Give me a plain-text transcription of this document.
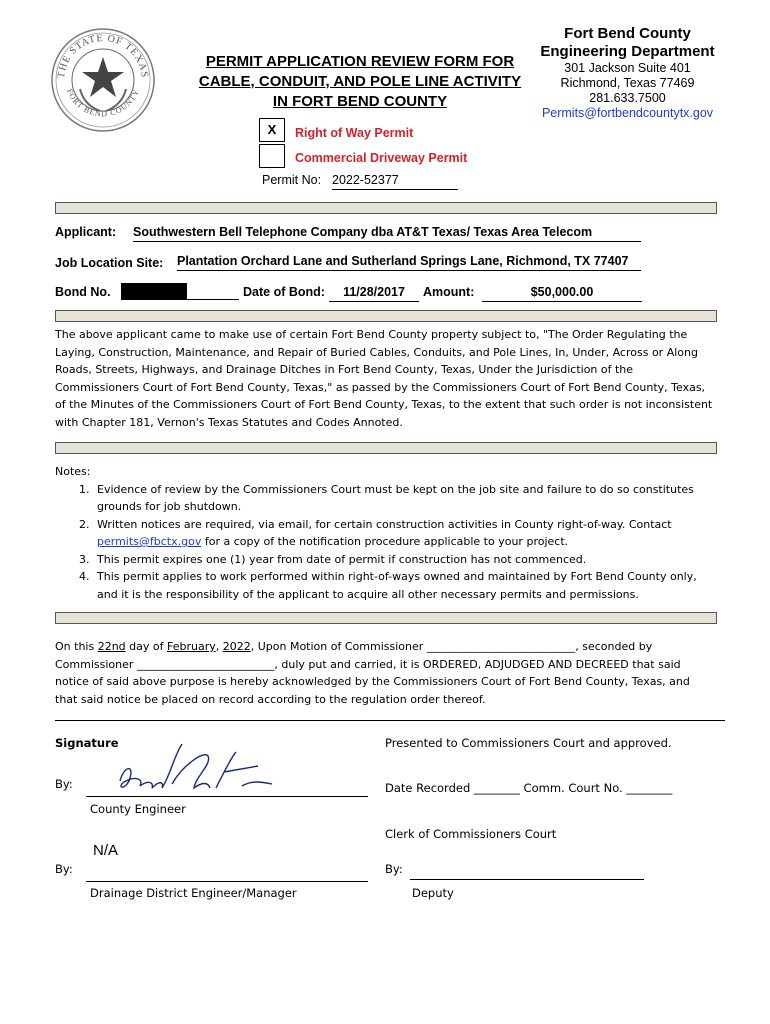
THE STATE OF TEXAS
FORT BEND COUNTY
PERMIT APPLICATION REVIEW FORM FOR
CABLE, CONDUIT, AND POLE LINE ACTIVITY
IN FORT BEND COUNTY
Fort Bend County
Engineering Department
301 Jackson Suite 401
Richmond, Texas 77469
281.633.7500
Permits@fortbendcountytx.gov
X	Right of Way Permit
Commercial Driveway Permit
Permit No: 2022-52377
Applicant: Southwestern Bell Telephone Company dba AT&T Texas/ Texas Area Telecom
Job Location Site: Plantation Orchard Lane and Sutherland Springs Lane, Richmond, TX 77407
Bond No.	Date of Bond:	11/28/2017	Amount:	$50,000.00
The above applicant came to make use of certain Fort Bend County property subject to, "The Order Regulating the Laying, Construction, Maintenance, and Repair of Buried Cables, Conduits, and Pole Lines, In, Under, Across or Along Roads, Streets, Highways, and Drainage Ditches in Fort Bend County, Texas, Under the Jurisdiction of the Commissioners Court of Fort Bend County, Texas," as passed by the Commissioners Court of Fort Bend County, Texas, of the Minutes of the Commissioners Court of Fort Bend County, Texas, to the extent that such order is not inconsistent with Chapter 181, Vernon's Texas Statutes and Codes Annoted.
Notes:
1. Evidence of review by the Commissioners Court must be kept on the job site and failure to do so constitutes grounds for job shutdown.
2. Written notices are required, via email, for certain construction activities in County right-of-way. Contact
permits@fbctx.gov for a copy of the notification procedure applicable to your project.
3. This permit expires one (1) year from date of permit if construction has not commenced.
4. This permit applies to work performed within right-of-ways owned and maintained by Fort Bend County only, and it is the responsibility of the applicant to acquire all other necessary permits and permissions.
On this 22nd day of February, 2022, Upon Motion of Commissioner ___________________________, seconded by Commissioner _________________________, duly put and carried, it is ORDERED, ADJUDGED AND DECREED that said notice of said above purpose is hereby acknowledged by the Commissioners Court of Fort Bend County, Texas, and that said notice be placed on record according to the regulation order thereof.
Signature
By:
County Engineer
N/A
By:
Drainage District Engineer/Manager
Presented to Commissioners Court and approved.
Date Recorded ________ Comm. Court No. ________
Clerk of Commissioners Court
By:
Deputy
